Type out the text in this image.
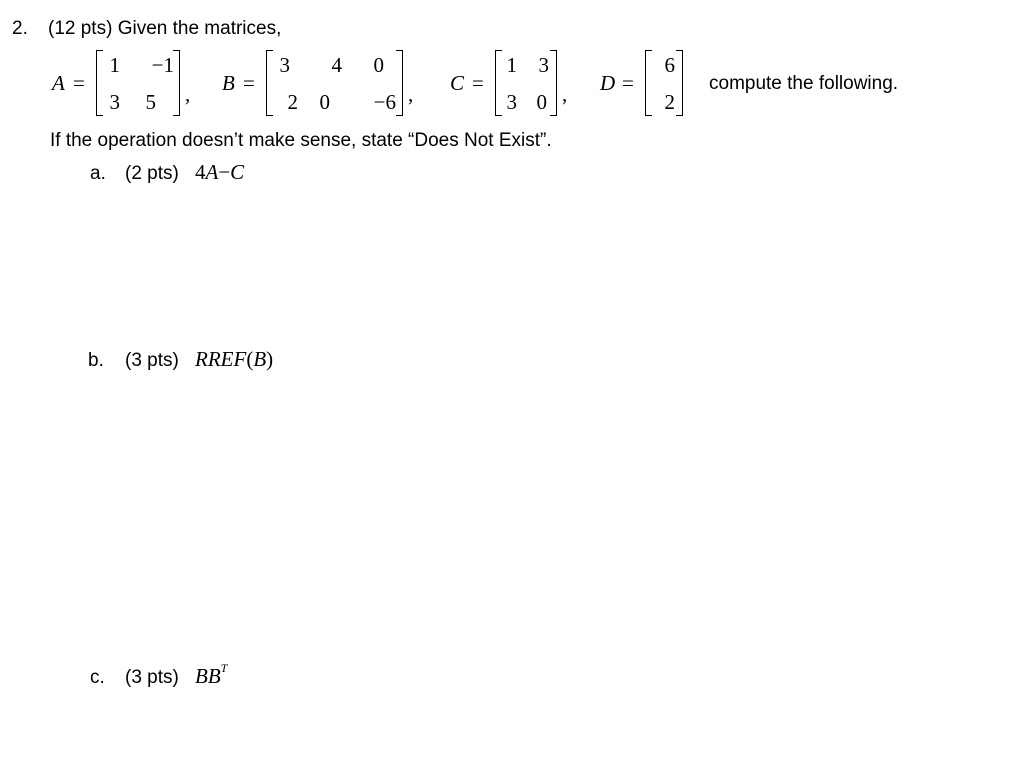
2. (12 pts) Given the matrices,
A =
1	−1
3	5 , B =
3	4	0
2	0	−6 , C =
1	3
3 0 , D =
6
2
compute the following.
If the operation doesn’t make sense, state “Does Not Exist”.
a. (2 pts) 4A−C
b. (3 pts) RREF(B)
c. (3 pts) $BB^T$
